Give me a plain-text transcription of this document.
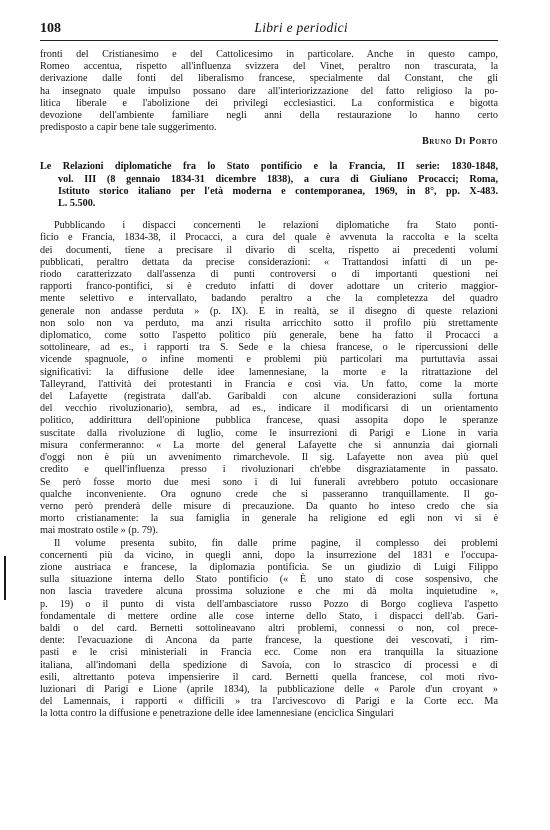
108	Libri e periodici
fronti del Cristianesimo e del Cattolicesimo in particolare. Anche in questo campo,
Romeo accentua, rispetto all'influenza svizzera del Vinet, peraltro non trascurata, la
derivazione dalle fonti del liberalismo francese, specialmente dal Constant, che gli
ha insegnato quale impulso possano dare all'interiorizzazione del fatto religioso la po-
litica liberale e l'abolizione dei privilegi ecclesiastici. La conformistica e bigotta
devozione dell'ambiente familiare negli anni della restaurazione lo hanno certo
predisposto a capir bene tale suggerimento.
Bruno Di Porto
Le Relazioni diplomatiche fra lo Stato pontificio e la Francia, II serie: 1830-1848,
vol. III (8 gennaio 1834-31 dicembre 1838), a cura di Giuliano Procacci; Roma,
Istituto storico italiano per l'età moderna e contemporanea, 1969, in 8°, pp. X-483.
L. 5.500.
Pubblicando i dispacci concernenti le relazioni diplomatiche fra Stato ponti-
ficio e Francia, 1834-38, il Procacci, a cura del quale è avvenuta la raccolta e la scelta
dei documenti, tiene a precisare il divario di scelta, rispetto ai precedenti volumi
pubblicati, peraltro dettata da precise considerazioni: « Trattandosi infatti di un pe-
riodo caratterizzato dall'assenza di punti controversi o di importanti questioni nei
rapporti franco-pontifici, si è creduto infatti di dover adottare un criterio maggior-
mente selettivo e intervallato, badando peraltro a che la completezza del quadro
generale non andasse perduta » (p. IX). E in realtà, se il disegno di queste relazioni
non solo non va perduto, ma anzi risulta arricchito sotto il profilo più strettamente
diplomatico, come sotto l'aspetto politico più generale, bene ha fatto il Procacci a
sottolineare, ad es., i rapporti tra S. Sede e la chiesa francese, o le ripercussioni delle
vicende spagnuole, o infine momenti e problemi più particolari ma purtuttavia assai
significativi: la diffusione delle idee lamennesiane, la morte e la ritrattazione del
Talleyrand, l'attività dei protestanti in Francia e così via. Un fatto, come la morte
del Lafayette (registrata dall'ab. Garibaldi con alcune considerazioni sulla fortuna
del vecchio rivoluzionario), sembra, ad es., indicare il modificarsi di un orientamento
politico, addirittura dell'opinione pubblica francese, quasi assopita dopo le speranze
suscitate dalla rivoluzione di luglio, come le insurrezioni di Parigi e Lione in varia
misura confermeranno: « La morte del general Lafayette che si annunzia dai giornali
d'oggi non è più un avvenimento rimarchevole. Il sig. Lafayette non avea più quel
credito e quell'influenza presso i rivoluzionari ch'ebbe disgraziatamente in passato.
Se però fosse morto due mesi sono i di lui funerali avrebbero potuto occasionare
qualche inconveniente. Ora ognuno crede che si passeranno tranquillamente. Il go-
verno però prenderà delle misure di precauzione. Da quanto ho inteso credo che sia
morto cristianamente: la sua famiglia in generale ha religione ed egli non vi si è
mai mostrato ostile » (p. 79).
Il volume presenta subito, fin dalle prime pagine, il complesso dei problemi
concernenti più da vicino, in quegli anni, dopo la insurrezione del 1831 e l'occupa-
zione austriaca e francese, la diplomazia pontificia. Se un giudizio di Luigi Filippo
sulla situazione interna dello Stato pontificio (« È uno stato di cose sospensivo, che
non lascia travedere alcuna prossima soluzione e che mi dà molta inquietudine »,
p. 19) o il punto di vista dell'ambasciatore russo Pozzo di Borgo coglieva l'aspetto
fondamentale di mettere ordine alle cose interne dello Stato, i dispacci dell'ab. Gari-
baldi o del card. Bernetti sottolineavano altri problemi, connessi o non, col prece-
dente: l'evacuazione di Ancona da parte francese, la questione dei vescovati, i rim-
pasti e le crisi ministeriali in Francia ecc. Come non era tranquilla la situazione
italiana, all'indomani della spedizione di Savoia, con lo strascico di processi e di
esili, altrettanto poteva impensierire il card. Bernetti quella francese, col moti rivo-
luzionari di Parigi e Lione (aprile 1834), la pubblicazione delle « Parole d'un croyant »
del Lamennais, i rapporti « difficili » tra l'arcivescovo di Parigi e la Corte ecc. Ma
la lotta contro la diffusione e penetrazione delle idee lamennesiane (enciclica Singulari
